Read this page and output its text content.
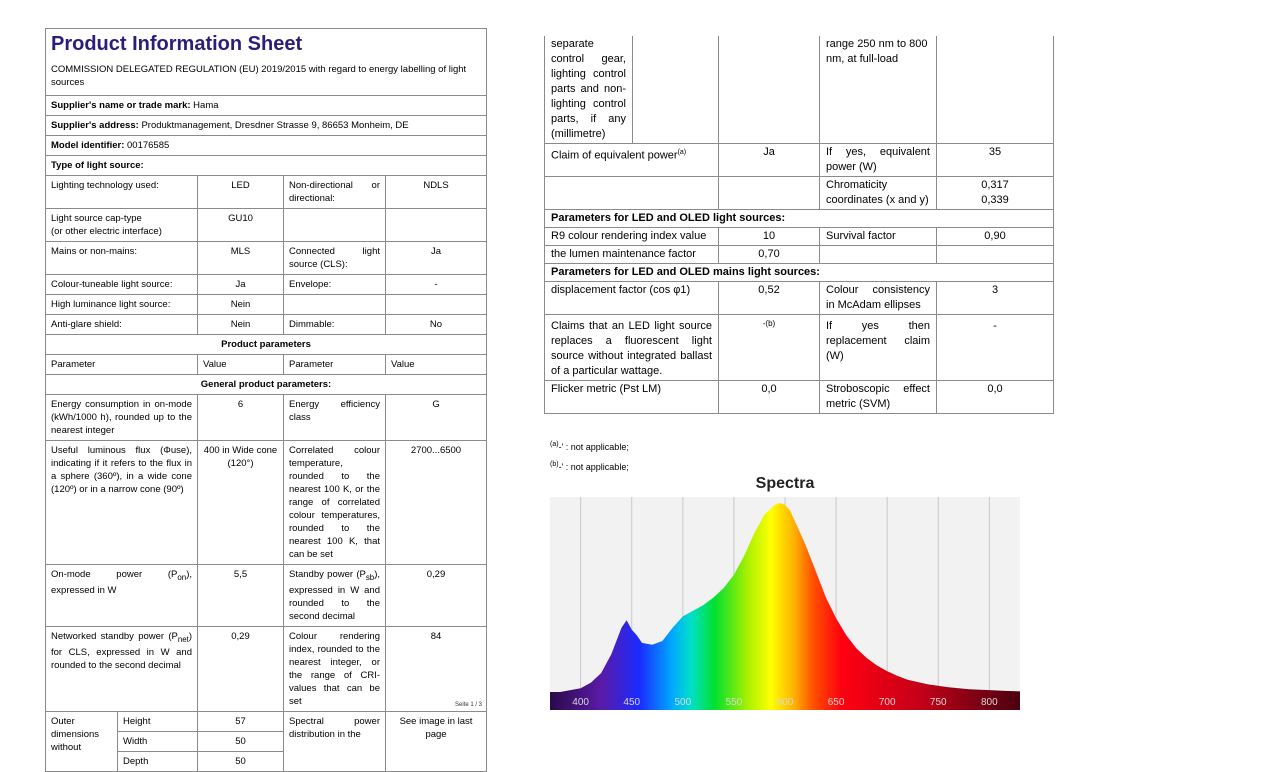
Product Information Sheet				
COMMISSION DELEGATED REGULATION (EU) 2019/2015 with regard to energy labelling of light sources				
Supplier's name or trade mark: Hama				
Supplier's address: Produktmanagement, Dresdner Strasse 9, 86653 Monheim, DE				
Model identifier: 00176585				
Type of light source:				
Lighting technology used:		LED	Non-directional or directional:	NDLS
Light source cap-type
(or other electric interface)		GU10		
Mains or non-mains:		MLS	Connected light source (CLS):	Ja
Colour-tuneable light source:		Ja	Envelope:	-
High luminance light source:		Nein		
Anti-glare shield:		Nein	Dimmable:	No
Product parameters				
Parameter		Value	Parameter	Value
General product parameters:				
Energy consumption in on-mode (kWh/1000 h), rounded up to the nearest integer		6	Energy efficiency class	G
Useful luminous flux (Φuse), indicating if it refers to the flux in a sphere (360º), in a wide cone (120º) or in a narrow cone (90º)		400 in Wide cone (120°)	Correlated colour temperature, rounded to the nearest 100 K, or the range of correlated colour temperatures, rounded to the nearest 100 K, that can be set	2700...6500
On-mode power $(P_{on})$, expressed in W		5,5	Standby power $(P_{sb})$, expressed in W and rounded to the second decimal	0,29
Networked standby power $(P_{net})$ for CLS, expressed in W and rounded to the second decimal		0,29	Colour rendering index, rounded to the nearest integer, or the range of CRI-values that can be set	84
Outer dimensions without	Height	57	Spectral power distribution in the	See image in last page
	Width	50		
	Depth	50		
Seite 1 / 3
separate control gear, lighting control parts and non-lighting control parts, if any (millimetre)			range 250 nm to 800 nm, at full-load	
Claim of equivalent power$^{(a)}$		Ja	If yes, equivalent power (W)	35
			Chromaticity coordinates (x and y)	0,317
0,339
Parameters for LED and OLED light sources:				
R9 colour rendering index value		10	Survival factor	0,90
the lumen maintenance factor		0,70		
Parameters for LED and OLED mains light sources:				
displacement factor (cos φ1)		0,52	Colour consistency in McAdam ellipses	3
Claims that an LED light source replaces a fluorescent light source without integrated ballast of a particular wattage.		-(b)	If yes then replacement claim (W)	-
Flicker metric (Pst LM)		0,0	Stroboscopic effect metric (SVM)	0,0
$^{(a)}$-' : not applicable;
$^{(b)}$-' : not applicable;
Spectra
400	450	500	550	600	650	700	750	800
